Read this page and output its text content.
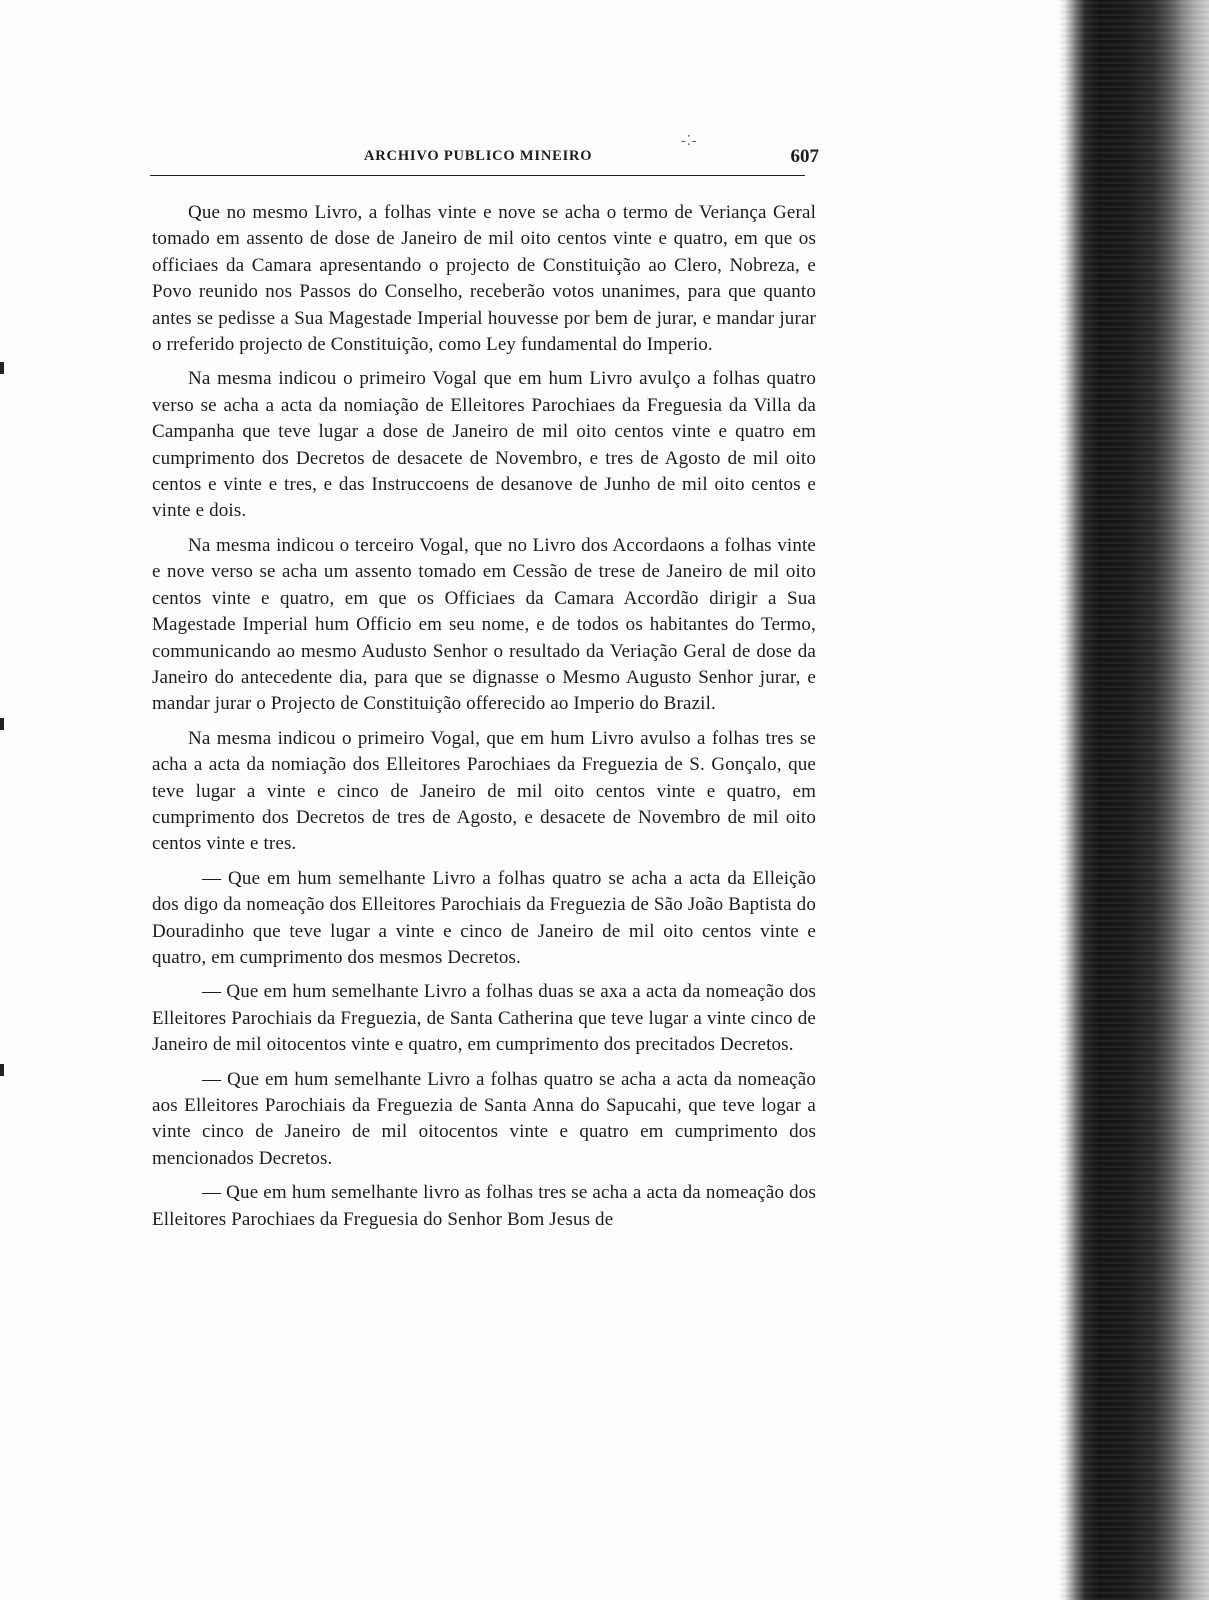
ARCHIVO PUBLICO MINEIRO
-⁚‐
607

Que no mesmo Livro, a folhas vinte e nove se acha o termo de Veriança Geral tomado em assento de dose de Janeiro de mil oito centos vinte e quatro, em que os officiaes da Camara apresentando o projecto de Constituição ao Clero, Nobreza, e Povo reunido nos Passos do Conselho, receberão votos unanimes, para que quanto antes se pedisse a Sua Magestade Imperial houvesse por bem de jurar, e mandar jurar o rreferido projecto de Constituição, como Ley fundamental do Imperio.

Na mesma indicou o primeiro Vogal que em hum Livro avulço a folhas quatro verso se acha a acta da nomiação de Elleitores Parochiaes da Freguesia da Villa da Campanha que teve lugar a dose de Janeiro de mil oito centos vinte e quatro em cumprimento dos Decretos de desacete de Novembro, e tres de Agosto de mil oito centos e vinte e tres, e das Instruccoens de desanove de Junho de mil oito centos e vinte e dois.

Na mesma indicou o terceiro Vogal, que no Livro dos Accordaons a folhas vinte e nove verso se acha um assento tomado em Cessão de trese de Janeiro de mil oito centos vinte e quatro, em que os Officiaes da Camara Accordão dirigir a Sua Magestade Imperial hum Officio em seu nome, e de todos os habitantes do Termo, communicando ao mesmo Audusto Senhor o resultado da Veriação Geral de dose da Janeiro do antecedente dia, para que se dignasse o Mesmo Augusto Senhor jurar, e mandar jurar o Projecto de Constituição offerecido ao Imperio do Brazil.

Na mesma indicou o primeiro Vogal, que em hum Livro avulso a folhas tres se acha a acta da nomiação dos Elleitores Parochiaes da Freguezia de S. Gonçalo, que teve lugar a vinte e cinco de Janeiro de mil oito centos vinte e quatro, em cumprimento dos Decretos de tres de Agosto, e desacete de Novembro de mil oito centos vinte e tres.

— Que em hum semelhante Livro a folhas quatro se acha a acta da Elleição dos digo da nomeação dos Elleitores Parochiais da Freguezia de São João Baptista do Douradinho que teve lugar a vinte e cinco de Janeiro de mil oito centos vinte e quatro, em cumprimento dos mesmos Decretos.

— Que em hum semelhante Livro a folhas duas se axa a acta da nomeação dos Elleitores Parochiais da Freguezia, de Santa Catherina que teve lugar a vinte cinco de Janeiro de mil oitocentos vinte e quatro, em cumprimento dos precitados Decretos.

— Que em hum semelhante Livro a folhas quatro se acha a acta da nomeação aos Elleitores Parochiais da Freguezia de Santa Anna do Sapucahi, que teve logar a vinte cinco de Janeiro de mil oitocentos vinte e quatro em cumprimento dos mencionados Decretos.

— Que em hum semelhante livro as folhas tres se acha a acta da nomeação dos Elleitores Parochiaes da Freguesia do Senhor Bom Jesus de
